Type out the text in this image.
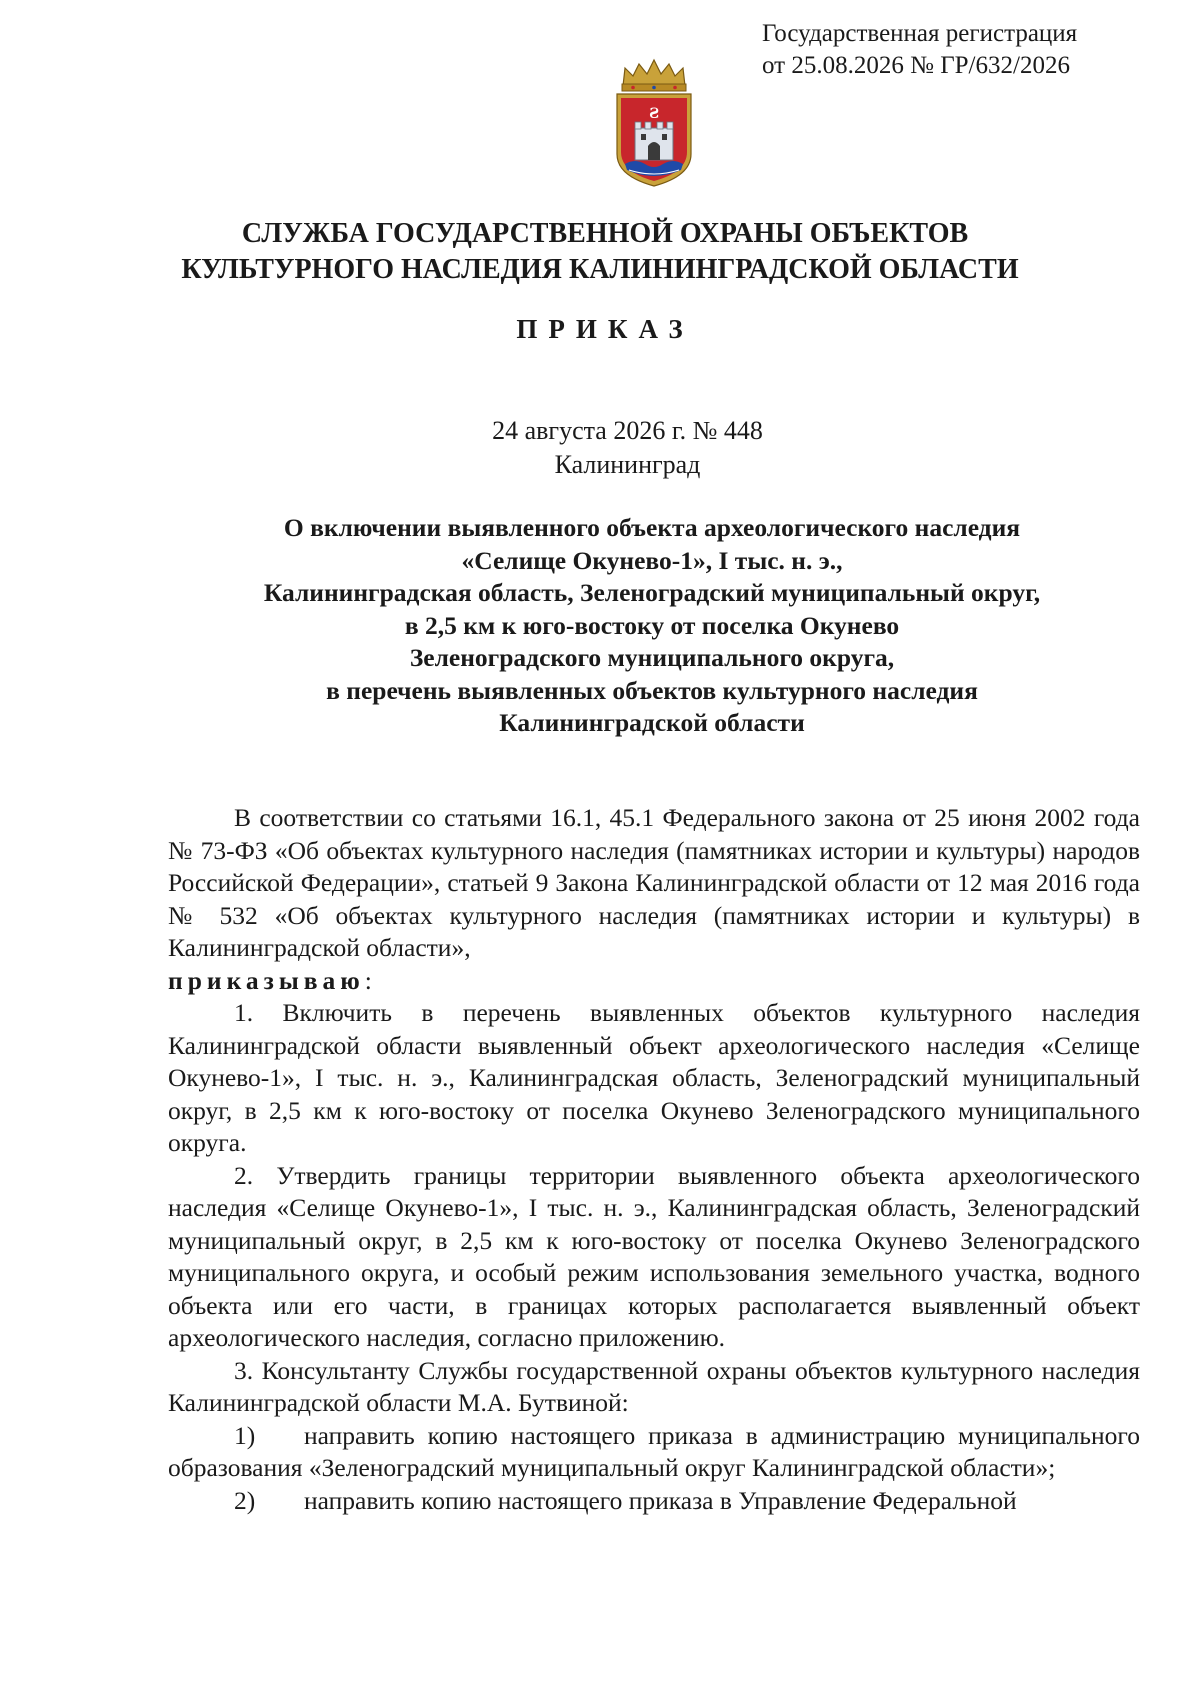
Государственная регистрация
от 25.08.2026 № ГР/632/2026
Ƨ
СЛУЖБА ГОСУДАРСТВЕННОЙ ОХРАНЫ ОБЪЕКТОВ
КУЛЬТУРНОГО НАСЛЕДИЯ КАЛИНИНГРАДСКОЙ ОБЛАСТИ
ПРИКАЗ
24 августа 2026 г. № 448
Калининград
О включении выявленного объекта археологического наследия
«Селище Окунево-1», I тыс. н. э.,
Калининградская область, Зеленоградский муниципальный округ,
в 2,5 км к юго-востоку от поселка Окунево
Зеленоградского муниципального округа,
в перечень выявленных объектов культурного наследия
Калининградской области

В соответствии со статьями 16.1, 45.1 Федерального закона от 25 июня 2002 года № 73-ФЗ «Об объектах культурного наследия (памятниках истории и культуры) народов Российской Федерации», статьей 9 Закона Калининградской области от 12 мая 2016 года № 532 «Об объектах культурного наследия (памятниках истории и культуры) в Калининградской области»,

приказываю:

1. Включить в перечень выявленных объектов культурного наследия Калининградской области выявленный объект археологического наследия «Селище Окунево-1», I тыс. н. э., Калининградская область, Зеленоградский муниципальный округ, в 2,5 км к юго-востоку от поселка Окунево Зеленоградского муниципального округа.

2. Утвердить границы территории выявленного объекта археологического наследия «Селище Окунево-1», I тыс. н. э., Калининградская область, Зеленоградский муниципальный округ, в 2,5 км к юго-востоку от поселка Окунево Зеленоградского муниципального округа, и особый режим использования земельного участка, водного объекта или его части, в границах которых располагается выявленный объект археологического наследия, согласно приложению.

3. Консультанту Службы государственной охраны объектов культурного наследия Калининградской области М.А. Бутвиной:

1) направить копию настоящего приказа в администрацию муниципального образования «Зеленоградский муниципальный округ Калининградской области»;

2) направить копию настоящего приказа в Управление Федеральной
